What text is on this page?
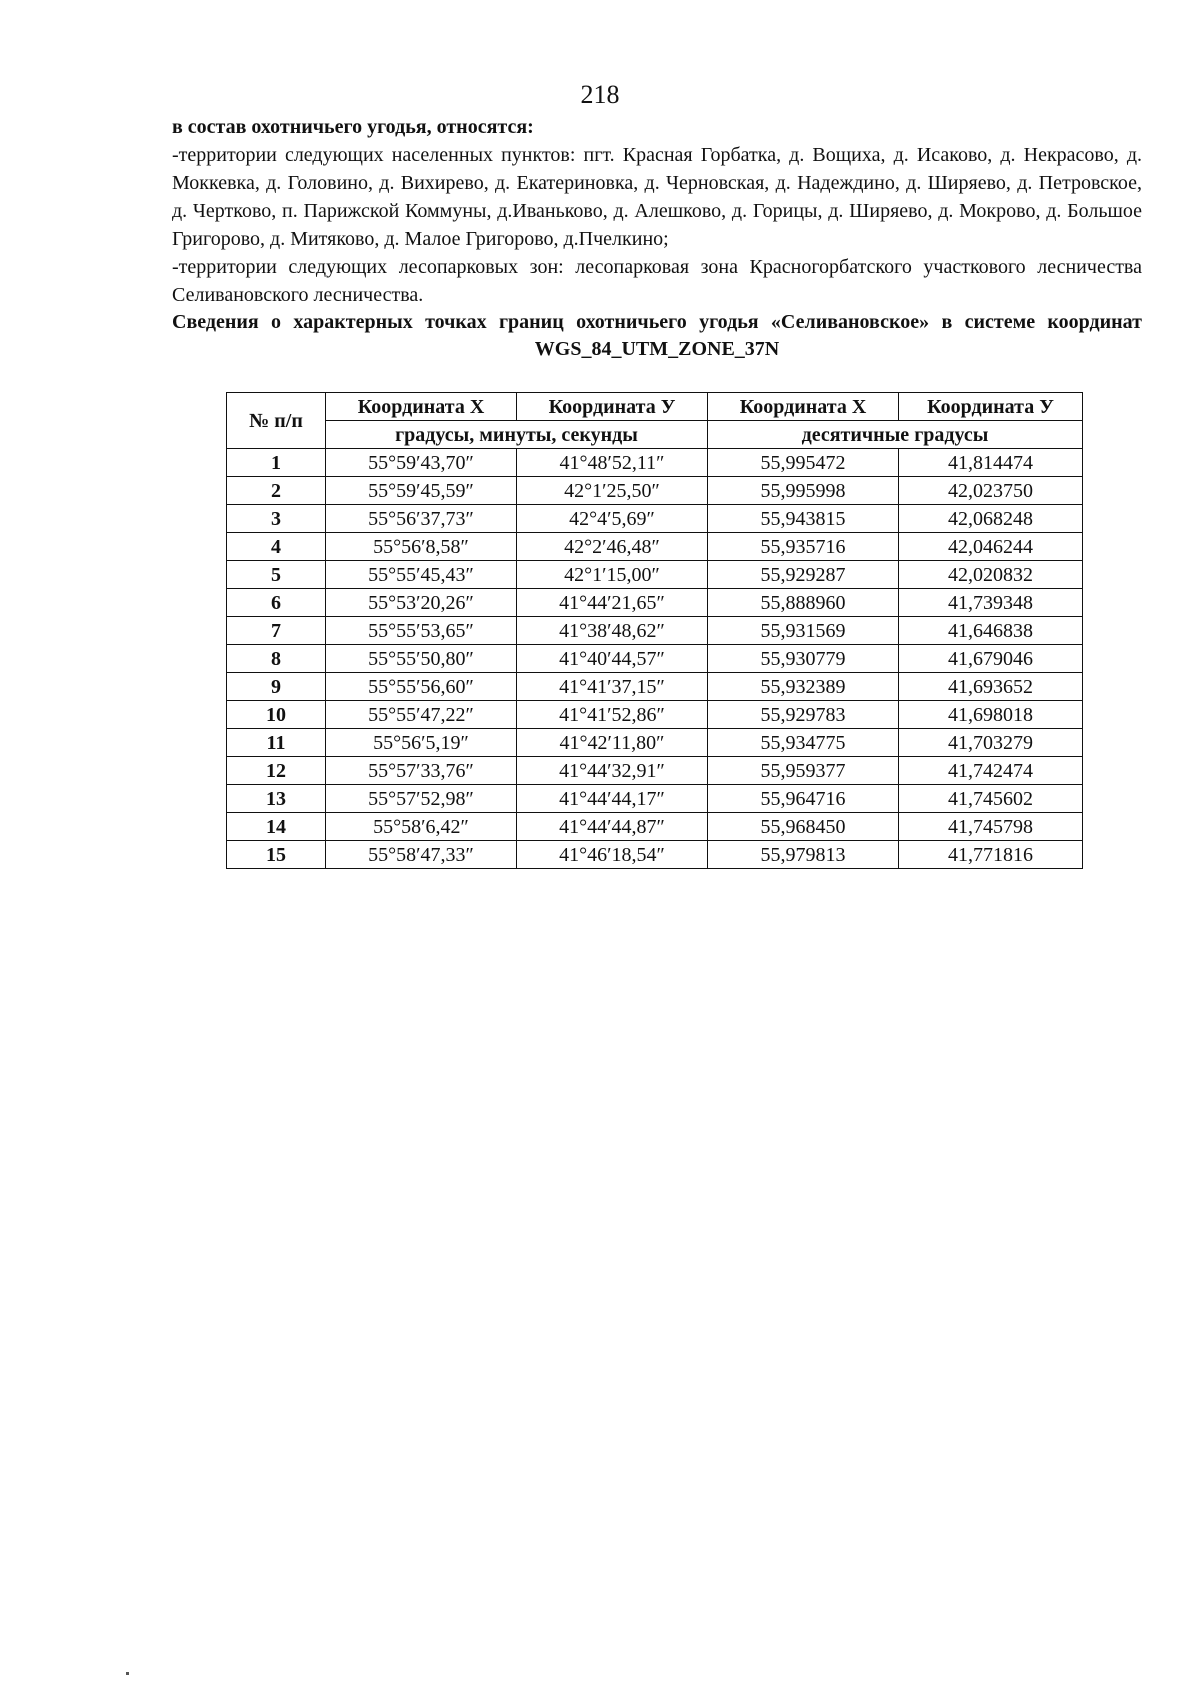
218

в состав охотничьего угодья, относятся:

-территории следующих населенных пунктов: пгт. Красная Горбатка, д. Вощиха, д. Исаково, д. Некрасово, д. Моккевка, д. Головино, д. Вихирево, д. Екатериновка, д. Черновская, д. Надеждино, д. Ширяево, д. Петровское, д. Чертково, п. Парижской Коммуны, д.Иваньково, д. Алешково, д. Горицы, д. Ширяево, д. Мокрово, д. Большое Григорово, д. Митяково, д. Малое Григорово, д.Пчелкино;

-территории следующих лесопарковых зон: лесопарковая зона Красногорбатского участкового лесничества Селивановского лесничества.

Сведения о характерных точках границ охотничьего угодья «Селивановское» в системе координат WGS_84_UTM_ZONE_37N

№ п/п	Координата Х	Координата У	Координата Х	Координата У
	градусы, минуты, секунды		десятичные градусы	
1	55°59′43,70″	41°48′52,11″	55,995472	41,814474
2	55°59′45,59″	42°1′25,50″	55,995998	42,023750
3	55°56′37,73″	42°4′5,69″	55,943815	42,068248
4	55°56′8,58″	42°2′46,48″	55,935716	42,046244
5	55°55′45,43″	42°1′15,00″	55,929287	42,020832
6	55°53′20,26″	41°44′21,65″	55,888960	41,739348
7	55°55′53,65″	41°38′48,62″	55,931569	41,646838
8	55°55′50,80″	41°40′44,57″	55,930779	41,679046
9	55°55′56,60″	41°41′37,15″	55,932389	41,693652
10	55°55′47,22″	41°41′52,86″	55,929783	41,698018
11	55°56′5,19″	41°42′11,80″	55,934775	41,703279
12	55°57′33,76″	41°44′32,91″	55,959377	41,742474
13	55°57′52,98″	41°44′44,17″	55,964716	41,745602
14	55°58′6,42″	41°44′44,87″	55,968450	41,745798
15	55°58′47,33″	41°46′18,54″	55,979813	41,771816
